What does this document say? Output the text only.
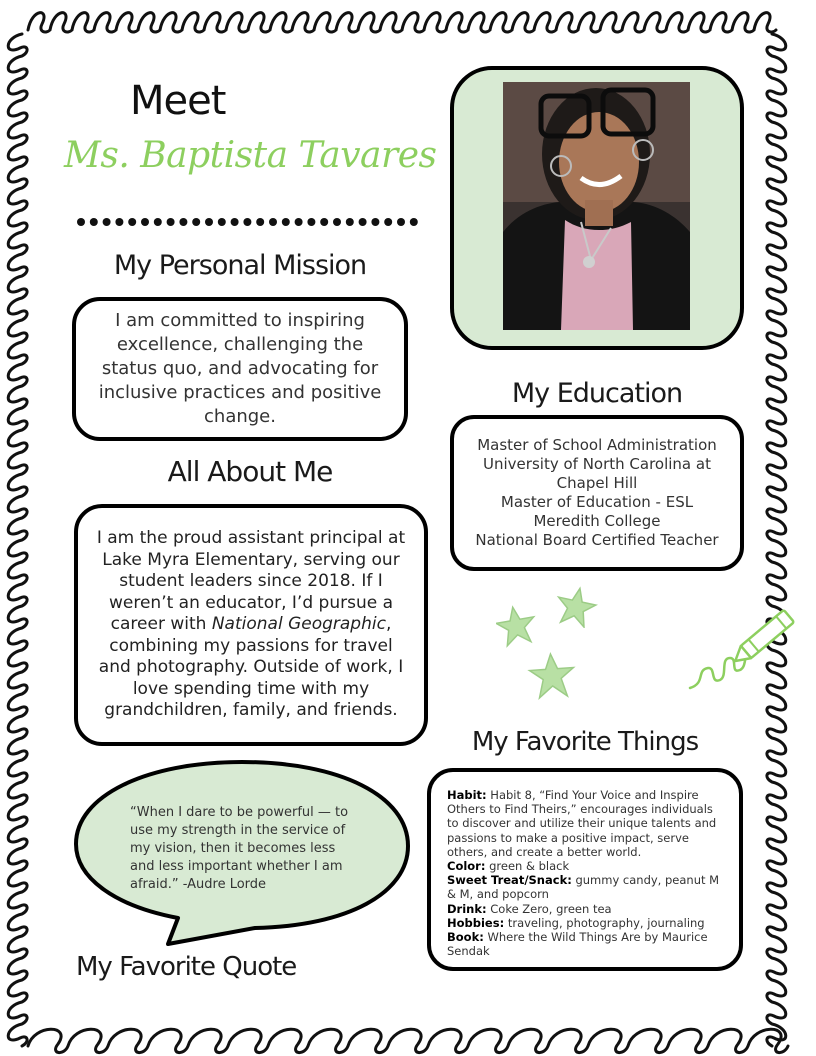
Meet
Ms. Baptista Tavares
My Personal Mission

I am committed to inspiring excellence, challenging the status quo, and advocating for inclusive practices and positive change.

All About Me

I am the proud assistant principal at Lake Myra Elementary, serving our student leaders since 2018. If I weren’t an educator, I’d pursue a career with National Geographic, combining my passions for travel and photography. Outside of work, I love spending time with my grandchildren, family, and friends.

“When I dare to be powerful — to use my strength in the service of my vision, then it becomes less and less important whether I am afraid.” -Audre Lorde
My Favorite Quote
My Education
Master of School Administration
University of North Carolina at
Chapel Hill
Master of Education - ESL
Meredith College
National Board Certified Teacher
My Favorite Things

Habit: Habit 8, “Find Your Voice and Inspire Others to Find Theirs,” encourages individuals to discover and utilize their unique talents and passions to make a positive impact, serve others, and create a better world.

Color: green & black

Sweet Treat/Snack: gummy candy, peanut M & M, and popcorn

Drink: Coke Zero, green tea

Hobbies: traveling, photography, journaling

Book: Where the Wild Things Are by Maurice Sendak
